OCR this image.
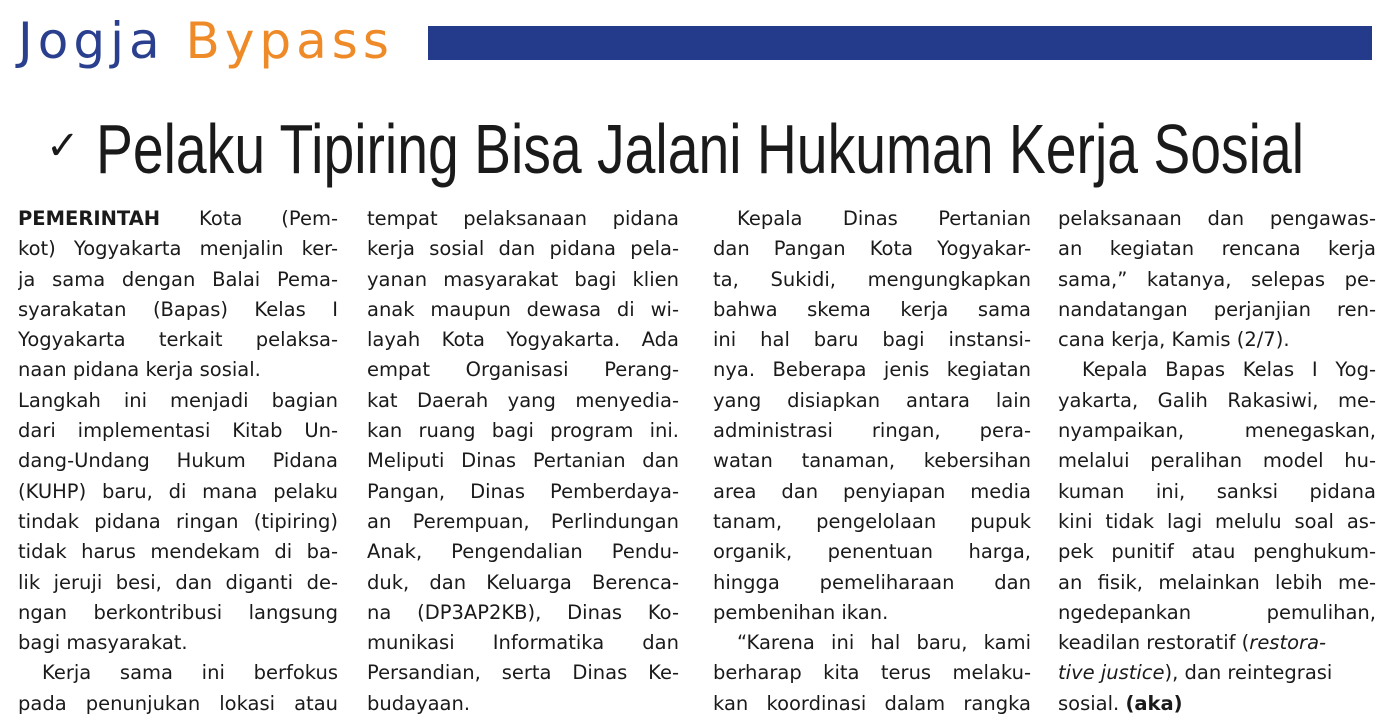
Jogja Bypass
✓ Pelaku Tipiring Bisa Jalani Hukuman Kerja Sosial
PEMERINTAH Kota (Pem-
kot) Yogyakarta menjalin ker-
ja sama dengan Balai Pema-
syarakatan (Bapas) Kelas I
Yogyakarta terkait pelaksa-
naan pidana kerja sosial.
Langkah ini menjadi bagian
dari implementasi Kitab Un-
dang-Undang Hukum Pidana
(KUHP) baru, di mana pelaku
tindak pidana ringan (tipiring)
tidak harus mendekam di ba-
lik jeruji besi, dan diganti de-
ngan berkontribusi langsung
bagi masyarakat.
Kerja sama ini berfokus
pada penunjukan lokasi atau
tempat pelaksanaan pidana
kerja sosial dan pidana pela-
yanan masyarakat bagi klien
anak maupun dewasa di wi-
layah Kota Yogyakarta. Ada
empat Organisasi Perang-
kat Daerah yang menyedia-
kan ruang bagi program ini.
Meliputi Dinas Pertanian dan
Pangan, Dinas Pemberdaya-
an Perempuan, Perlindungan
Anak, Pengendalian Pendu-
duk, dan Keluarga Berenca-
na (DP3AP2KB), Dinas Ko-
munikasi Informatika dan
Persandian, serta Dinas Ke-
budayaan.
Kepala Dinas Pertanian
dan Pangan Kota Yogyakar-
ta, Sukidi, mengungkapkan
bahwa skema kerja sama
ini hal baru bagi instansi-
nya. Beberapa jenis kegiatan
yang disiapkan antara lain
administrasi ringan, pera-
watan tanaman, kebersihan
area dan penyiapan media
tanam, pengelolaan pupuk
organik, penentuan harga,
hingga pemeliharaan dan
pembenihan ikan.
“Karena ini hal baru, kami
berharap kita terus melaku-
kan koordinasi dalam rangka
pelaksanaan dan pengawas-
an kegiatan rencana kerja
sama,” katanya, selepas pe-
nandatangan perjanjian ren-
cana kerja, Kamis (2/7).
Kepala Bapas Kelas I Yog-
yakarta, Galih Rakasiwi, me-
nyampaikan, menegaskan,
melalui peralihan model hu-
kuman ini, sanksi pidana
kini tidak lagi melulu soal as-
pek punitif atau penghukum-
an fisik, melainkan lebih me-
ngedepankan pemulihan,
keadilan restoratif (restora-
tive justice), dan reintegrasi
sosial. (aka)
